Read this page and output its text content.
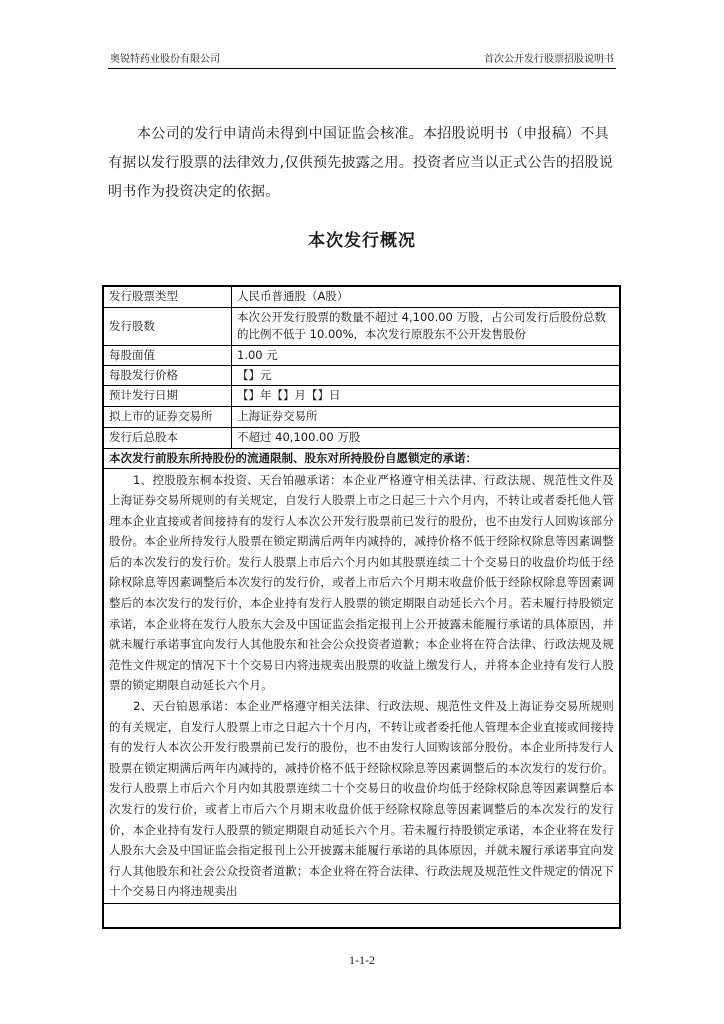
奥锐特药业股份有限公司	首次公开发行股票招股说明书
本公司的发行申请尚未得到中国证监会核准。本招股说明书（申报稿）不具有据以发行股票的法律效力,仅供预先披露之用。投资者应当以正式公告的招股说明书作为投资决定的依据。
本次发行概况
发行股票类型	人民币普通股（A股）
发行股数	本次公开发行股票的数量不超过 4,100.00 万股，占公司发行后股份总数的比例不低于 10.00%，本次发行原股东不公开发售股份
每股面值	1.00 元
每股发行价格	【】元
预计发行日期	【】年【】月【】日
拟上市的证券交易所	上海证券交易所
发行后总股本	不超过 40,100.00 万股
本次发行前股东所持股份的流通限制、股东对所持股份自愿锁定的承诺：	

1、控股股东桐本投资、天台铂融承诺：本企业严格遵守相关法律、行政法规、规范性文件及上海证券交易所规则的有关规定，自发行人股票上市之日起三十六个月内，不转让或者委托他人管理本企业直接或者间接持有的发行人本次公开发行股票前已发行的股份，也不由发行人回购该部分股份。本企业所持发行人股票在锁定期满后两年内减持的，减持价格不低于经除权除息等因素调整后的本次发行的发行价。发行人股票上市后六个月内如其股票连续二十个交易日的收盘价均低于经除权除息等因素调整后本次发行的发行价，或者上市后六个月期末收盘价低于经除权除息等因素调整后的本次发行的发行价，本企业持有发行人股票的锁定期限自动延长六个月。若未履行持股锁定承诺，本企业将在发行人股东大会及中国证监会指定报刊上公开披露未能履行承诺的具体原因，并就未履行承诺事宜向发行人其他股东和社会公众投资者道歉；本企业将在符合法律、行政法规及规范性文件规定的情况下十个交易日内将违规卖出股票的收益上缴发行人，并将本企业持有发行人股票的锁定期限自动延长六个月。

2、天台铂恩承诺：本企业严格遵守相关法律、行政法规、规范性文件及上海证券交易所规则的有关规定，自发行人股票上市之日起六十个月内，不转让或者委托他人管理本企业直接或间接持有的发行人本次公开发行股票前已发行的股份，也不由发行人回购该部分股份。本企业所持发行人股票在锁定期满后两年内减持的，减持价格不低于经除权除息等因素调整后的本次发行的发行价。发行人股票上市后六个月内如其股票连续二十个交易日的收盘价均低于经除权除息等因素调整后本次发行的发行价，或者上市后六个月期末收盘价低于经除权除息等因素调整后的本次发行的发行价，本企业持有发行人股票的锁定期限自动延长六个月。若未履行持股锁定承诺，本企业将在发行人股东大会及中国证监会指定报刊上公开披露未能履行承诺的具体原因，并就未履行承诺事宜向发行人其他股东和社会公众投资者道歉；本企业将在符合法律、行政法规及规范性文件规定的情况下十个交易日内将违规卖出	

1-1-2
